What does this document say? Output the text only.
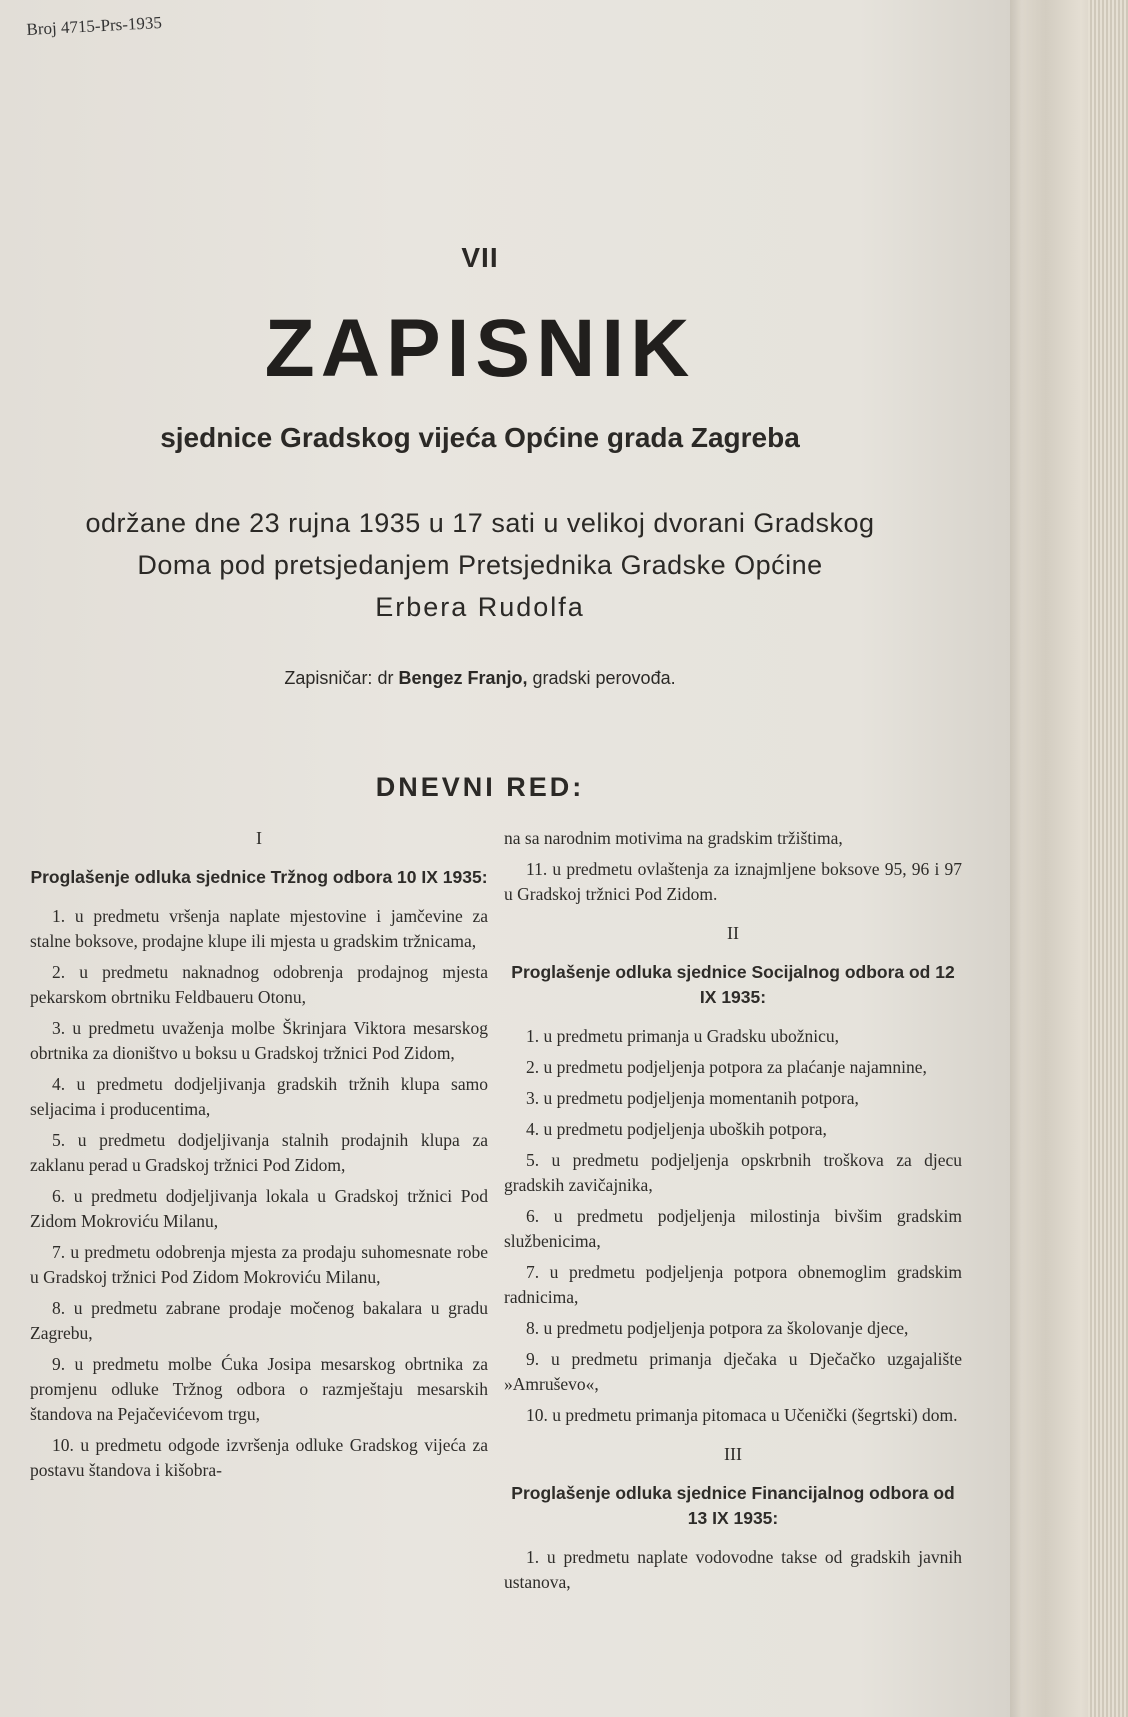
Broj 4715-Prs-1935
VII
ZAPISNIK
sjednice Gradskog vijeća Općine grada Zagreba
održane dne 23 rujna 1935 u 17 sati u velikoj dvorani Gradskog
Doma pod pretsjedanjem Pretsjednika Gradske Općine
Erbera Rudolfa
Zapisničar: dr Bengez Franjo, gradski perovođa.
DNEVNI RED:
I
Proglašenje odluka sjednice Tržnog odbora 10 IX 1935:

1. u predmetu vršenja naplate mjestovine i jamčevine za stalne boksove, prodajne klupe ili mjesta u gradskim tržnicama,

2. u predmetu naknadnog odobrenja prodajnog mjesta pekarskom obrtniku Feldbaueru Otonu,

3. u predmetu uvaženja molbe Škrinjara Viktora mesarskog obrtnika za dioništvo u boksu u Gradskoj tržnici Pod Zidom,

4. u predmetu dodjeljivanja gradskih tržnih klupa samo seljacima i producentima,

5. u predmetu dodjeljivanja stalnih prodajnih klupa za zaklanu perad u Gradskoj tržnici Pod Zidom,

6. u predmetu dodjeljivanja lokala u Gradskoj tržnici Pod Zidom Mokroviću Milanu,

7. u predmetu odobrenja mjesta za prodaju suhomesnate robe u Gradskoj tržnici Pod Zidom Mokroviću Milanu,

8. u predmetu zabrane prodaje močenog bakalara u gradu Zagrebu,

9. u predmetu molbe Ćuka Josipa mesarskog obrtnika za promjenu odluke Tržnog odbora o razmještaju mesarskih štandova na Pejačevićevom trgu,

10. u predmetu odgode izvršenja odluke Gradskog vijeća za postavu štandova i kišobra-

na sa narodnim motivima na gradskim tržištima,

11. u predmetu ovlaštenja za iznajmljene boksove 95, 96 i 97 u Gradskoj tržnici Pod Zidom.

II
Proglašenje odluka sjednice Socijalnog odbora od 12 IX 1935:

1. u predmetu primanja u Gradsku ubožnicu,

2. u predmetu podjeljenja potpora za plaćanje najamnine,

3. u predmetu podjeljenja momentanih potpora,

4. u predmetu podjeljenja uboških potpora,

5. u predmetu podjeljenja opskrbnih troškova za djecu gradskih zavičajnika,

6. u predmetu podjeljenja milostinja bivšim gradskim službenicima,

7. u predmetu podjeljenja potpora obnemoglim gradskim radnicima,

8. u predmetu podjeljenja potpora za školovanje djece,

9. u predmetu primanja dječaka u Dječačko uzgajalište »Amruševo«,

10. u predmetu primanja pitomaca u Učenički (šegrtski) dom.

III
Proglašenje odluka sjednice Financijalnog odbora od 13 IX 1935:

1. u predmetu naplate vodovodne takse od gradskih javnih ustanova,
